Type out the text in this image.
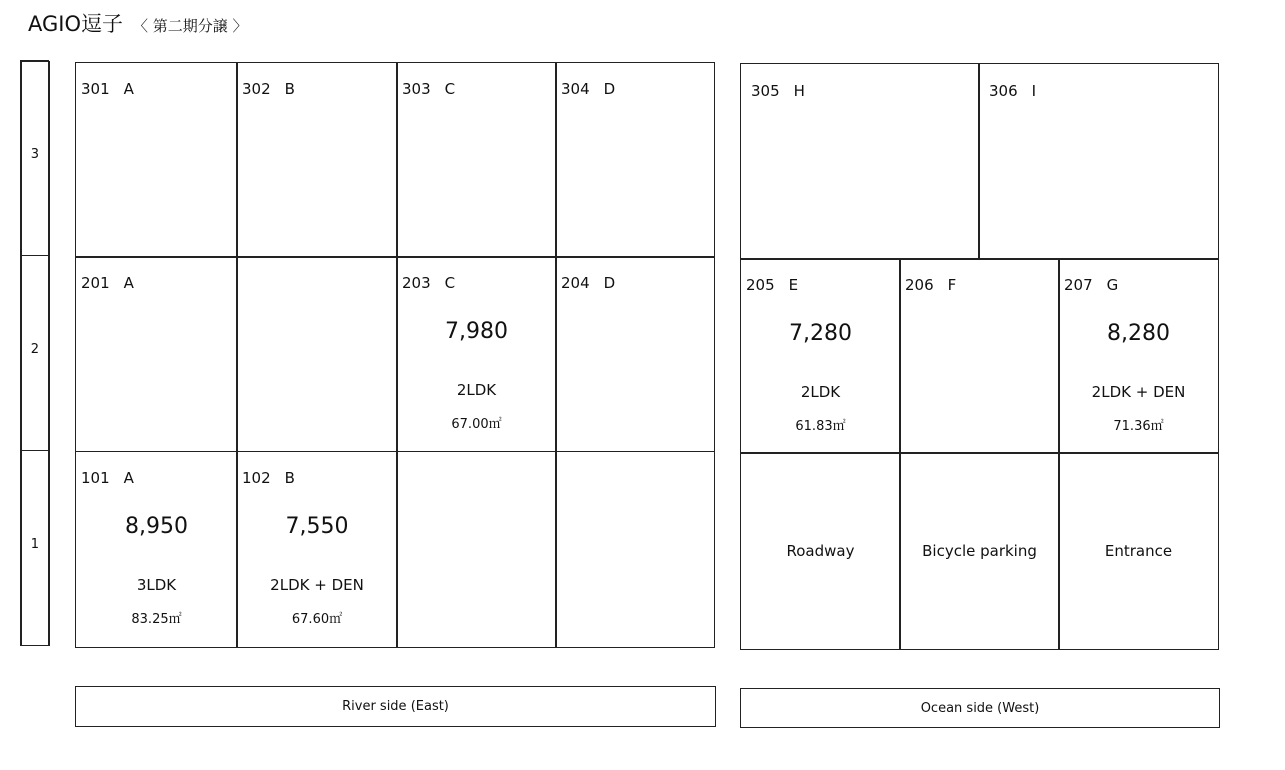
AGIO逗子 〈 第二期分譲 〉
3
2
1
301 A	302 B	303 C	304 D
201 A	203 C
7,980
2LDK
67.00㎡
204 D
101 A
8,950
3LDK
83.25㎡
102 B
7,550
2LDK + DEN
67.60㎡
305 H	306 I
205 E
7,280
2LDK
61.83㎡
206 F	207 G
8,280
2LDK + DEN
71.36㎡
Roadway	Bicycle parking	Entrance
River side (East)	Ocean side (West)
